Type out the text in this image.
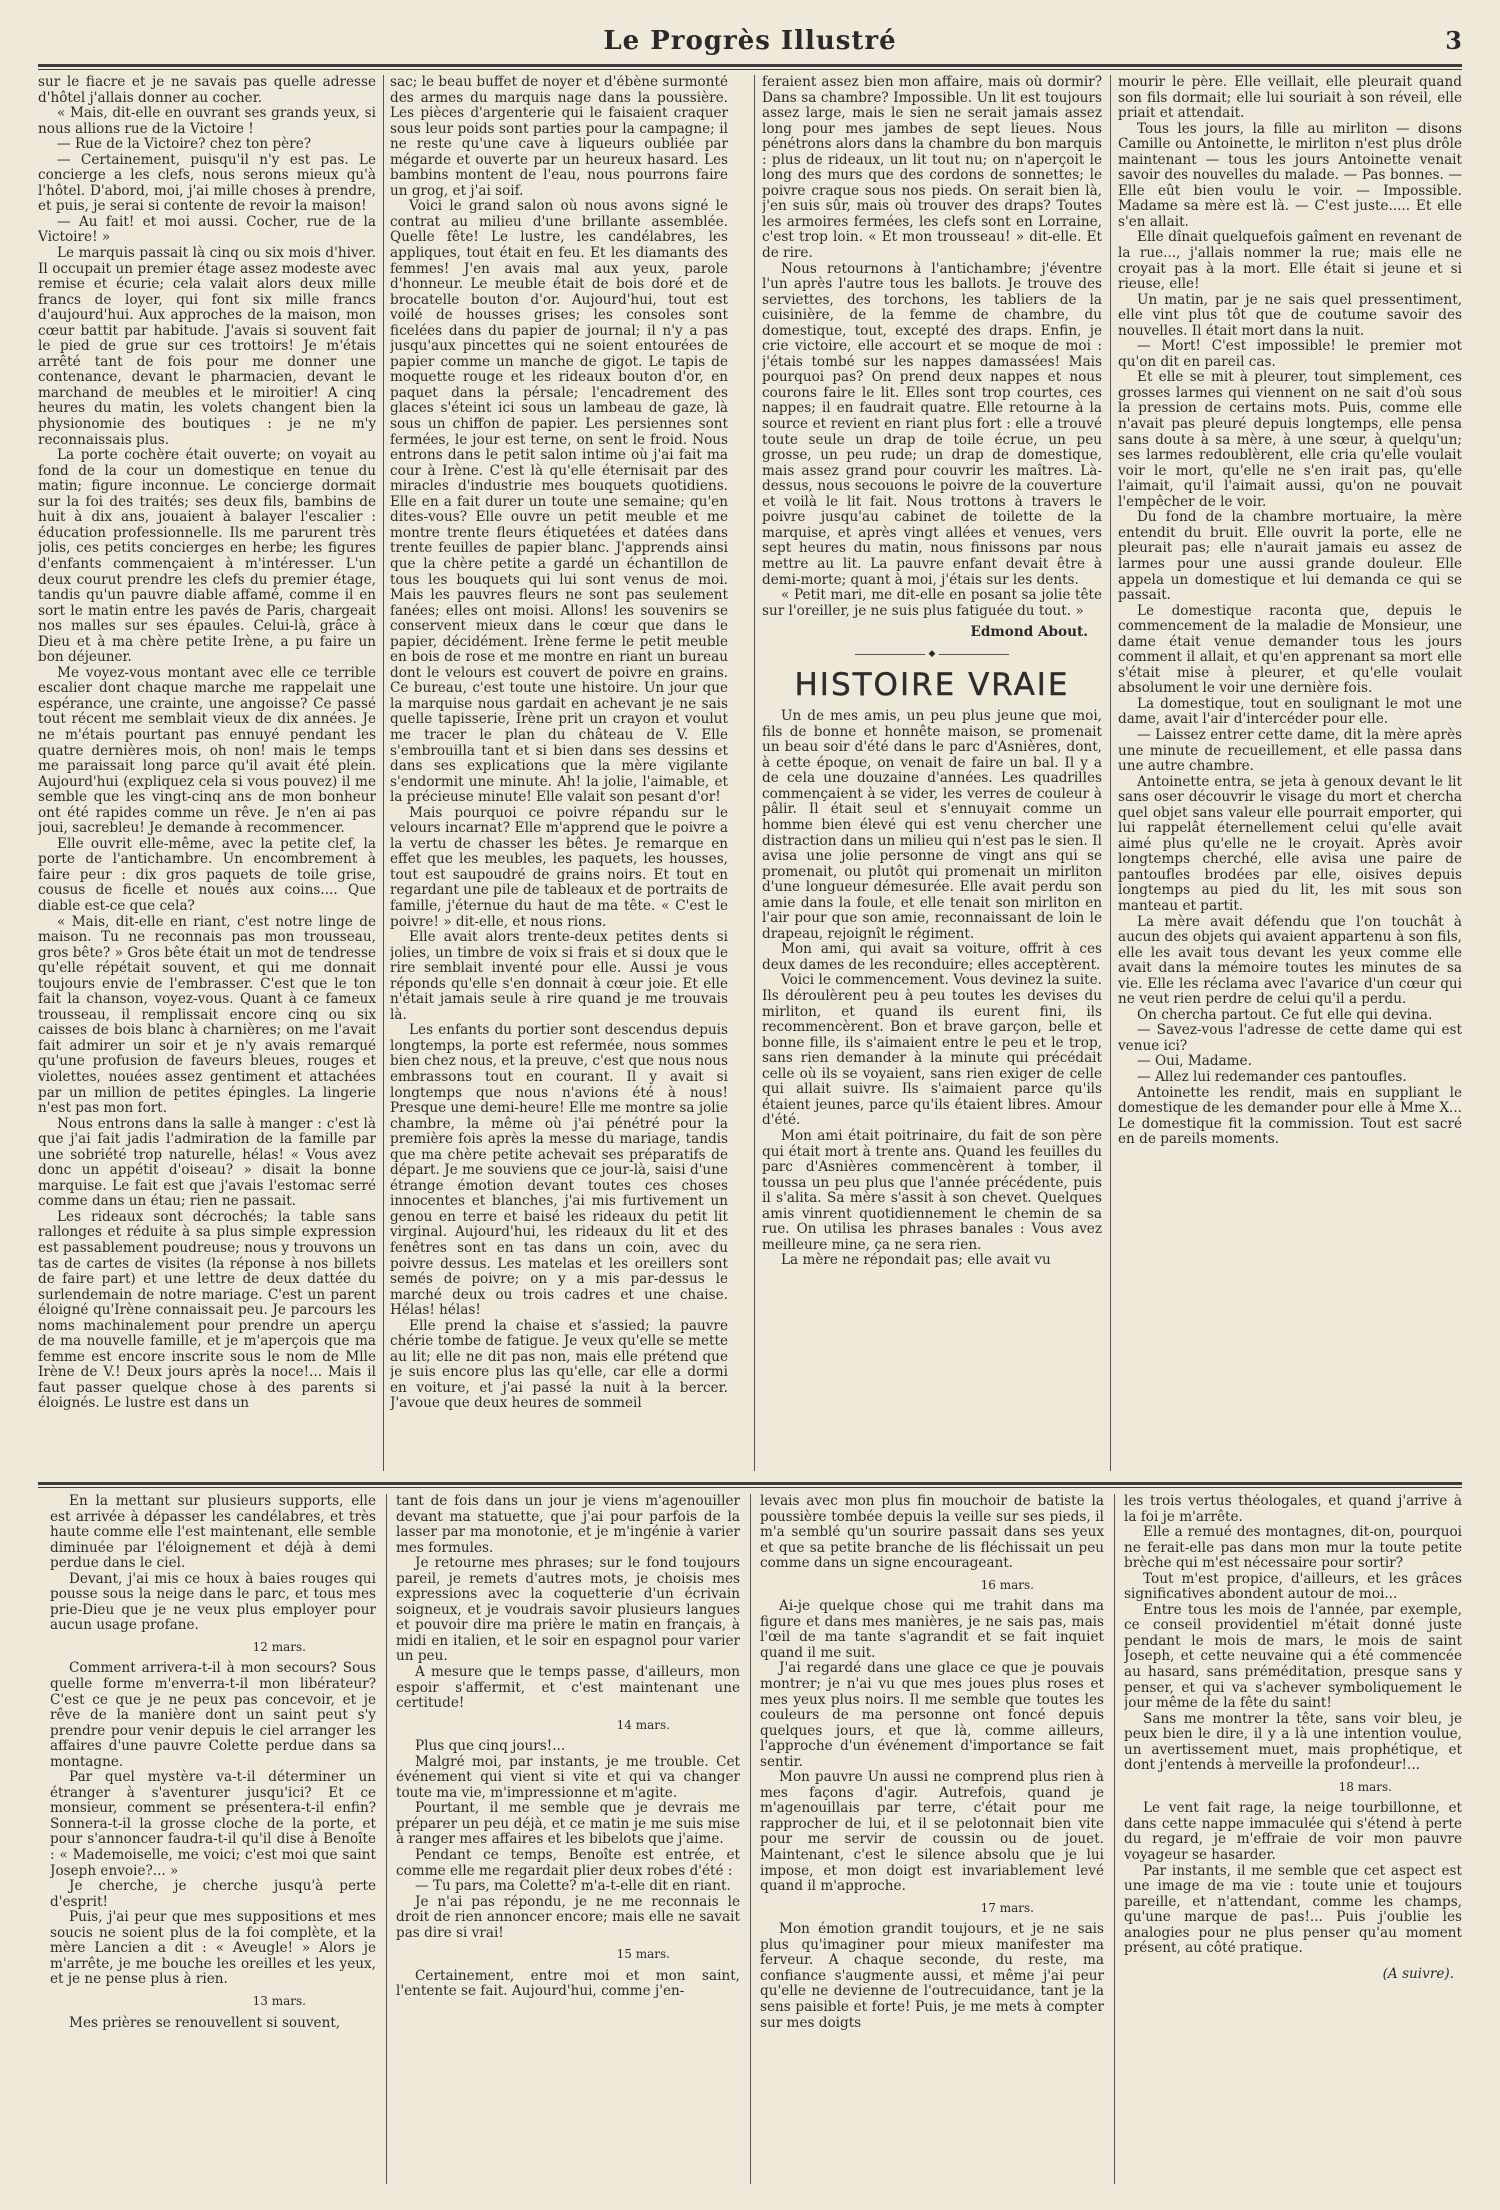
Le Progrès Illustré	3

sur le fiacre et je ne savais pas quelle adresse d'hôtel j'allais donner au cocher.

« Mais, dit-elle en ouvrant ses grands yeux, si nous allions rue de la Victoire !

— Rue de la Victoire? chez ton père?

— Certainement, puisqu'il n'y est pas. Le concierge a les clefs, nous serons mieux qu'à l'hôtel. D'abord, moi, j'ai mille choses à prendre, et puis, je serai si contente de revoir la maison!

— Au fait! et moi aussi. Cocher, rue de la Victoire! »

Le marquis passait là cinq ou six mois d'hiver. Il occupait un premier étage assez modeste avec remise et écurie; cela valait alors deux mille francs de loyer, qui font six mille francs d'aujourd'hui. Aux approches de la maison, mon cœur battit par habitude. J'avais si souvent fait le pied de grue sur ces trottoirs! Je m'étais arrêté tant de fois pour me donner une contenance, devant le pharmacien, devant le marchand de meubles et le miroitier! A cinq heures du matin, les volets changent bien la physionomie des boutiques : je ne m'y reconnaissais plus.

La porte cochère était ouverte; on voyait au fond de la cour un domestique en tenue du matin; figure inconnue. Le concierge dormait sur la foi des traités; ses deux fils, bambins de huit à dix ans, jouaient à balayer l'escalier : éducation professionnelle. Ils me parurent très jolis, ces petits concierges en herbe; les figures d'enfants commençaient à m'intéresser. L'un deux courut prendre les clefs du premier étage, tandis qu'un pauvre diable affamé, comme il en sort le matin entre les pavés de Paris, chargeait nos malles sur ses épaules. Celui-là, grâce à Dieu et à ma chère petite Irène, a pu faire un bon déjeuner.

Me voyez-vous montant avec elle ce terrible escalier dont chaque marche me rappelait une espérance, une crainte, une angoisse? Ce passé tout récent me semblait vieux de dix années. Je ne m'étais pourtant pas ennuyé pendant les quatre dernières mois, oh non! mais le temps me paraissait long parce qu'il avait été plein. Aujourd'hui (expliquez cela si vous pouvez) il me semble que les vingt-cinq ans de mon bonheur ont été rapides comme un rêve. Je n'en ai pas joui, sacrebleu! Je demande à recommencer.

Elle ouvrit elle-même, avec la petite clef, la porte de l'antichambre. Un encombrement à faire peur : dix gros paquets de toile grise, cousus de ficelle et noués aux coins.... Que diable est-ce que cela?

« Mais, dit-elle en riant, c'est notre linge de maison. Tu ne reconnais pas mon trousseau, gros bête? » Gros bête était un mot de tendresse qu'elle répétait souvent, et qui me donnait toujours envie de l'embrasser. C'est que le ton fait la chanson, voyez-vous. Quant à ce fameux trousseau, il remplissait encore cinq ou six caisses de bois blanc à charnières; on me l'avait fait admirer un soir et je n'y avais remarqué qu'une profusion de faveurs bleues, rouges et violettes, nouées assez gentiment et attachées par un million de petites épingles. La lingerie n'est pas mon fort.

Nous entrons dans la salle à manger : c'est là que j'ai fait jadis l'admiration de la famille par une sobriété trop naturelle, hélas! « Vous avez donc un appétit d'oiseau? » disait la bonne marquise. Le fait est que j'avais l'estomac serré comme dans un étau; rien ne passait.

Les rideaux sont décrochés; la table sans rallonges et réduite à sa plus simple expression est passablement poudreuse; nous y trouvons un tas de cartes de visites (la réponse à nos billets de faire part) et une lettre de deux dattée du surlendemain de notre mariage. C'est un parent éloigné qu'Irène connaissait peu. Je parcours les noms machinalement pour prendre un aperçu de ma nouvelle famille, et je m'aperçois que ma femme est encore inscrite sous le nom de Mlle Irène de V.! Deux jours après la noce!... Mais il faut passer quelque chose à des parents si éloignés. Le lustre est dans un

sac; le beau buffet de noyer et d'ébène surmonté des armes du marquis nage dans la poussière. Les pièces d'argenterie qui le faisaient craquer sous leur poids sont parties pour la campagne; il ne reste qu'une cave à liqueurs oubliée par mégarde et ouverte par un heureux hasard. Les bambins montent de l'eau, nous pourrons faire un grog, et j'ai soif.

Voici le grand salon où nous avons signé le contrat au milieu d'une brillante assemblée. Quelle fête! Le lustre, les candélabres, les appliques, tout était en feu. Et les diamants des femmes! J'en avais mal aux yeux, parole d'honneur. Le meuble était de bois doré et de brocatelle bouton d'or. Aujourd'hui, tout est voilé de housses grises; les consoles sont ficelées dans du papier de journal; il n'y a pas jusqu'aux pincettes qui ne soient entourées de papier comme un manche de gigot. Le tapis de moquette rouge et les rideaux bouton d'or, en paquet dans la pérsale; l'encadrement des glaces s'éteint ici sous un lambeau de gaze, là sous un chiffon de papier. Les persiennes sont fermées, le jour est terne, on sent le froid. Nous entrons dans le petit salon intime où j'ai fait ma cour à Irène. C'est là qu'elle éternisait par des miracles d'industrie mes bouquets quotidiens. Elle en a fait durer un toute une semaine; qu'en dites-vous? Elle ouvre un petit meuble et me montre trente fleurs étiquetées et datées dans trente feuilles de papier blanc. J'apprends ainsi que la chère petite a gardé un échantillon de tous les bouquets qui lui sont venus de moi. Mais les pauvres fleurs ne sont pas seulement fanées; elles ont moisi. Allons! les souvenirs se conservent mieux dans le cœur que dans le papier, décidément. Irène ferme le petit meuble en bois de rose et me montre en riant un bureau dont le velours est couvert de poivre en grains. Ce bureau, c'est toute une histoire. Un jour que la marquise nous gardait en achevant je ne sais quelle tapisserie, Irène prit un crayon et voulut me tracer le plan du château de V. Elle s'embrouilla tant et si bien dans ses dessins et dans ses explications que la mère vigilante s'endormit une minute. Ah! la jolie, l'aimable, et la précieuse minute! Elle valait son pesant d'or!

Mais pourquoi ce poivre répandu sur le velours incarnat? Elle m'apprend que le poivre a la vertu de chasser les bêtes. Je remarque en effet que les meubles, les paquets, les housses, tout est saupoudré de grains noirs. Et tout en regardant une pile de tableaux et de portraits de famille, j'éternue du haut de ma tête. « C'est le poivre! » dit-elle, et nous rions.

Elle avait alors trente-deux petites dents si jolies, un timbre de voix si frais et si doux que le rire semblait inventé pour elle. Aussi je vous réponds qu'elle s'en donnait à cœur joie. Et elle n'était jamais seule à rire quand je me trouvais là.

Les enfants du portier sont descendus depuis longtemps, la porte est refermée, nous sommes bien chez nous, et la preuve, c'est que nous nous embrassons tout en courant. Il y avait si longtemps que nous n'avions été à nous! Presque une demi-heure! Elle me montre sa jolie chambre, la même où j'ai pénétré pour la première fois après la messe du mariage, tandis que ma chère petite achevait ses préparatifs de départ. Je me souviens que ce jour-là, saisi d'une étrange émotion devant toutes ces choses innocentes et blanches, j'ai mis furtivement un genou en terre et baisé les rideaux du petit lit virginal. Aujourd'hui, les rideaux du lit et des fenêtres sont en tas dans un coin, avec du poivre dessus. Les matelas et les oreillers sont semés de poivre; on y a mis par-dessus le marché deux ou trois cadres et une chaise. Hélas! hélas!

Elle prend la chaise et s'assied; la pauvre chérie tombe de fatigue. Je veux qu'elle se mette au lit; elle ne dit pas non, mais elle prétend que je suis encore plus las qu'elle, car elle a dormi en voiture, et j'ai passé la nuit à la bercer. J'avoue que deux heures de sommeil

feraient assez bien mon affaire, mais où dormir? Dans sa chambre? Impossible. Un lit est toujours assez large, mais le sien ne serait jamais assez long pour mes jambes de sept lieues. Nous pénétrons alors dans la chambre du bon marquis : plus de rideaux, un lit tout nu; on n'aperçoit le long des murs que des cordons de sonnettes; le poivre craque sous nos pieds. On serait bien là, j'en suis sûr, mais où trouver des draps? Toutes les armoires fermées, les clefs sont en Lorraine, c'est trop loin. « Et mon trousseau! » dit-elle. Et de rire.

Nous retournons à l'antichambre; j'éventre l'un après l'autre tous les ballots. Je trouve des serviettes, des torchons, les tabliers de la cuisinière, de la femme de chambre, du domestique, tout, excepté des draps. Enfin, je crie victoire, elle accourt et se moque de moi : j'étais tombé sur les nappes damassées! Mais pourquoi pas? On prend deux nappes et nous courons faire le lit. Elles sont trop courtes, ces nappes; il en faudrait quatre. Elle retourne à la source et revient en riant plus fort : elle a trouvé toute seule un drap de toile écrue, un peu grosse, un peu rude; un drap de domestique, mais assez grand pour couvrir les maîtres. Là-dessus, nous secouons le poivre de la couverture et voilà le lit fait. Nous trottons à travers le poivre jusqu'au cabinet de toilette de la marquise, et après vingt allées et venues, vers sept heures du matin, nous finissons par nous mettre au lit. La pauvre enfant devait être à demi-morte; quant à moi, j'étais sur les dents.

« Petit mari, me dit-elle en posant sa jolie tête sur l'oreiller, je ne suis plus fatiguée du tout. »

Edmond About.

◆

HISTOIRE VRAIE

Un de mes amis, un peu plus jeune que moi, fils de bonne et honnête maison, se promenait un beau soir d'été dans le parc d'Asnières, dont, à cette époque, on venait de faire un bal. Il y a de cela une douzaine d'années. Les quadrilles commençaient à se vider, les verres de couleur à pâlir. Il était seul et s'ennuyait comme un homme bien élevé qui est venu chercher une distraction dans un milieu qui n'est pas le sien. Il avisa une jolie personne de vingt ans qui se promenait, ou plutôt qui promenait un mirliton d'une longueur démesurée. Elle avait perdu son amie dans la foule, et elle tenait son mirliton en l'air pour que son amie, reconnaissant de loin le drapeau, rejoignît le régiment.

Mon ami, qui avait sa voiture, offrit à ces deux dames de les reconduire; elles acceptèrent.

Voici le commencement. Vous devinez la suite. Ils déroulèrent peu à peu toutes les devises du mirliton, et quand ils eurent fini, ils recommencèrent. Bon et brave garçon, belle et bonne fille, ils s'aimaient entre le peu et le trop, sans rien demander à la minute qui précédait celle où ils se voyaient, sans rien exiger de celle qui allait suivre. Ils s'aimaient parce qu'ils étaient jeunes, parce qu'ils étaient libres. Amour d'été.

Mon ami était poitrinaire, du fait de son père qui était mort à trente ans. Quand les feuilles du parc d'Asnières commencèrent à tomber, il toussa un peu plus que l'année précédente, puis il s'alita. Sa mère s'assit à son chevet. Quelques amis vinrent quotidiennement le chemin de sa rue. On utilisa les phrases banales : Vous avez meilleure mine, ça ne sera rien.

La mère ne répondait pas; elle avait vu

mourir le père. Elle veillait, elle pleurait quand son fils dormait; elle lui souriait à son réveil, elle priait et attendait.

Tous les jours, la fille au mirliton — disons Camille ou Antoinette, le mirliton n'est plus drôle maintenant — tous les jours Antoinette venait savoir des nouvelles du malade. — Pas bonnes. — Elle eût bien voulu le voir. — Impossible. Madame sa mère est là. — C'est juste..... Et elle s'en allait.

Elle dînait quelquefois gaîment en revenant de la rue..., j'allais nommer la rue; mais elle ne croyait pas à la mort. Elle était si jeune et si rieuse, elle!

Un matin, par je ne sais quel pressentiment, elle vint plus tôt que de coutume savoir des nouvelles. Il était mort dans la nuit.

— Mort! C'est impossible! le premier mot qu'on dit en pareil cas.

Et elle se mit à pleurer, tout simplement, ces grosses larmes qui viennent on ne sait d'où sous la pression de certains mots. Puis, comme elle n'avait pas pleuré depuis longtemps, elle pensa sans doute à sa mère, à une sœur, à quelqu'un; ses larmes redoublèrent, elle cria qu'elle voulait voir le mort, qu'elle ne s'en irait pas, qu'elle l'aimait, qu'il l'aimait aussi, qu'on ne pouvait l'empêcher de le voir.

Du fond de la chambre mortuaire, la mère entendit du bruit. Elle ouvrit la porte, elle ne pleurait pas; elle n'aurait jamais eu assez de larmes pour une aussi grande douleur. Elle appela un domestique et lui demanda ce qui se passait.

Le domestique raconta que, depuis le commencement de la maladie de Monsieur, une dame était venue demander tous les jours comment il allait, et qu'en apprenant sa mort elle s'était mise à pleurer, et qu'elle voulait absolument le voir une dernière fois.

La domestique, tout en soulignant le mot une dame, avait l'air d'intercéder pour elle.

— Laissez entrer cette dame, dit la mère après une minute de recueillement, et elle passa dans une autre chambre.

Antoinette entra, se jeta à genoux devant le lit sans oser découvrir le visage du mort et chercha quel objet sans valeur elle pourrait emporter, qui lui rappelât éternellement celui qu'elle avait aimé plus qu'elle ne le croyait. Après avoir longtemps cherché, elle avisa une paire de pantoufles brodées par elle, oisives depuis longtemps au pied du lit, les mit sous son manteau et partit.

La mère avait défendu que l'on touchât à aucun des objets qui avaient appartenu à son fils, elle les avait tous devant les yeux comme elle avait dans la mémoire toutes les minutes de sa vie. Elle les réclama avec l'avarice d'un cœur qui ne veut rien perdre de celui qu'il a perdu.

On chercha partout. Ce fut elle qui devina.

— Savez-vous l'adresse de cette dame qui est venue ici?

— Oui, Madame.

— Allez lui redemander ces pantoufles.

Antoinette les rendit, mais en suppliant le domestique de les demander pour elle à Mme X... Le domestique fit la commission. Tout est sacré en de pareils moments.

En la mettant sur plusieurs supports, elle est arrivée à dépasser les candélabres, et très haute comme elle l'est maintenant, elle semble diminuée par l'éloignement et déjà à demi perdue dans le ciel.

Devant, j'ai mis ce houx à baies rouges qui pousse sous la neige dans le parc, et tous mes prie-Dieu que je ne veux plus employer pour aucun usage profane.

12 mars.

Comment arrivera-t-il à mon secours? Sous quelle forme m'enverra-t-il mon libérateur? C'est ce que je ne peux pas concevoir, et je rêve de la manière dont un saint peut s'y prendre pour venir depuis le ciel arranger les affaires d'une pauvre Colette perdue dans sa montagne.

Par quel mystère va-t-il déterminer un étranger à s'aventurer jusqu'ici? Et ce monsieur, comment se présentera-t-il enfin? Sonnera-t-il la grosse cloche de la porte, et pour s'annoncer faudra-t-il qu'il dise à Benoîte : « Mademoiselle, me voici; c'est moi que saint Joseph envoie?... »

Je cherche, je cherche jusqu'à perte d'esprit!

Puis, j'ai peur que mes suppositions et mes soucis ne soient plus de la foi complète, et la mère Lancien a dit : « Aveugle! » Alors je m'arrête, je me bouche les oreilles et les yeux, et je ne pense plus à rien.

13 mars.

Mes prières se renouvellent si souvent,

tant de fois dans un jour je viens m'agenouiller devant ma statuette, que j'ai pour parfois de la lasser par ma monotonie, et je m'ingénie à varier mes formules.

Je retourne mes phrases; sur le fond toujours pareil, je remets d'autres mots, je choisis mes expressions avec la coquetterie d'un écrivain soigneux, et je voudrais savoir plusieurs langues et pouvoir dire ma prière le matin en français, à midi en italien, et le soir en espagnol pour varier un peu.

A mesure que le temps passe, d'ailleurs, mon espoir s'affermit, et c'est maintenant une certitude!

14 mars.

Plus que cinq jours!...

Malgré moi, par instants, je me trouble. Cet événement qui vient si vite et qui va changer toute ma vie, m'impressionne et m'agite.

Pourtant, il me semble que je devrais me préparer un peu déjà, et ce matin je me suis mise à ranger mes affaires et les bibelots que j'aime.

Pendant ce temps, Benoîte est entrée, et comme elle me regardait plier deux robes d'été :

— Tu pars, ma Colette? m'a-t-elle dit en riant.

Je n'ai pas répondu, je ne me reconnais le droit de rien annoncer encore; mais elle ne savait pas dire si vrai!

15 mars.

Certainement, entre moi et mon saint, l'entente se fait. Aujourd'hui, comme j'en-

levais avec mon plus fin mouchoir de batiste la poussière tombée depuis la veille sur ses pieds, il m'a semblé qu'un sourire passait dans ses yeux et que sa petite branche de lis fléchissait un peu comme dans un signe encourageant.

16 mars.

Ai-je quelque chose qui me trahit dans ma figure et dans mes manières, je ne sais pas, mais l'œil de ma tante s'agrandit et se fait inquiet quand il me suit.

J'ai regardé dans une glace ce que je pouvais montrer; je n'ai vu que mes joues plus roses et mes yeux plus noirs. Il me semble que toutes les couleurs de ma personne ont foncé depuis quelques jours, et que là, comme ailleurs, l'approche d'un événement d'importance se fait sentir.

Mon pauvre Un aussi ne comprend plus rien à mes façons d'agir. Autrefois, quand je m'agenouillais par terre, c'était pour me rapprocher de lui, et il se pelotonnait bien vite pour me servir de coussin ou de jouet. Maintenant, c'est le silence absolu que je lui impose, et mon doigt est invariablement levé quand il m'approche.

17 mars.

Mon émotion grandit toujours, et je ne sais plus qu'imaginer pour mieux manifester ma ferveur. A chaque seconde, du reste, ma confiance s'augmente aussi, et même j'ai peur qu'elle ne devienne de l'outrecuidance, tant je la sens paisible et forte! Puis, je me mets à compter sur mes doigts

les trois vertus théologales, et quand j'arrive à la foi je m'arrête.

Elle a remué des montagnes, dit-on, pourquoi ne ferait-elle pas dans mon mur la toute petite brèche qui m'est nécessaire pour sortir?

Tout m'est propice, d'ailleurs, et les grâces significatives abondent autour de moi...

Entre tous les mois de l'année, par exemple, ce conseil providentiel m'était donné juste pendant le mois de mars, le mois de saint Joseph, et cette neuvaine qui a été commencée au hasard, sans préméditation, presque sans y penser, et qui va s'achever symboliquement le jour même de la fête du saint!

Sans me montrer la tête, sans voir bleu, je peux bien le dire, il y a là une intention voulue, un avertissement muet, mais prophétique, et dont j'entends à merveille la profondeur!...

18 mars.

Le vent fait rage, la neige tourbillonne, et dans cette nappe immaculée qui s'étend à perte du regard, je m'effraie de voir mon pauvre voyageur se hasarder.

Par instants, il me semble que cet aspect est une image de ma vie : toute unie et toujours pareille, et n'attendant, comme les champs, qu'une marque de pas!... Puis j'oublie les analogies pour ne plus penser qu'au moment présent, au côté pratique.

(A suivre).
